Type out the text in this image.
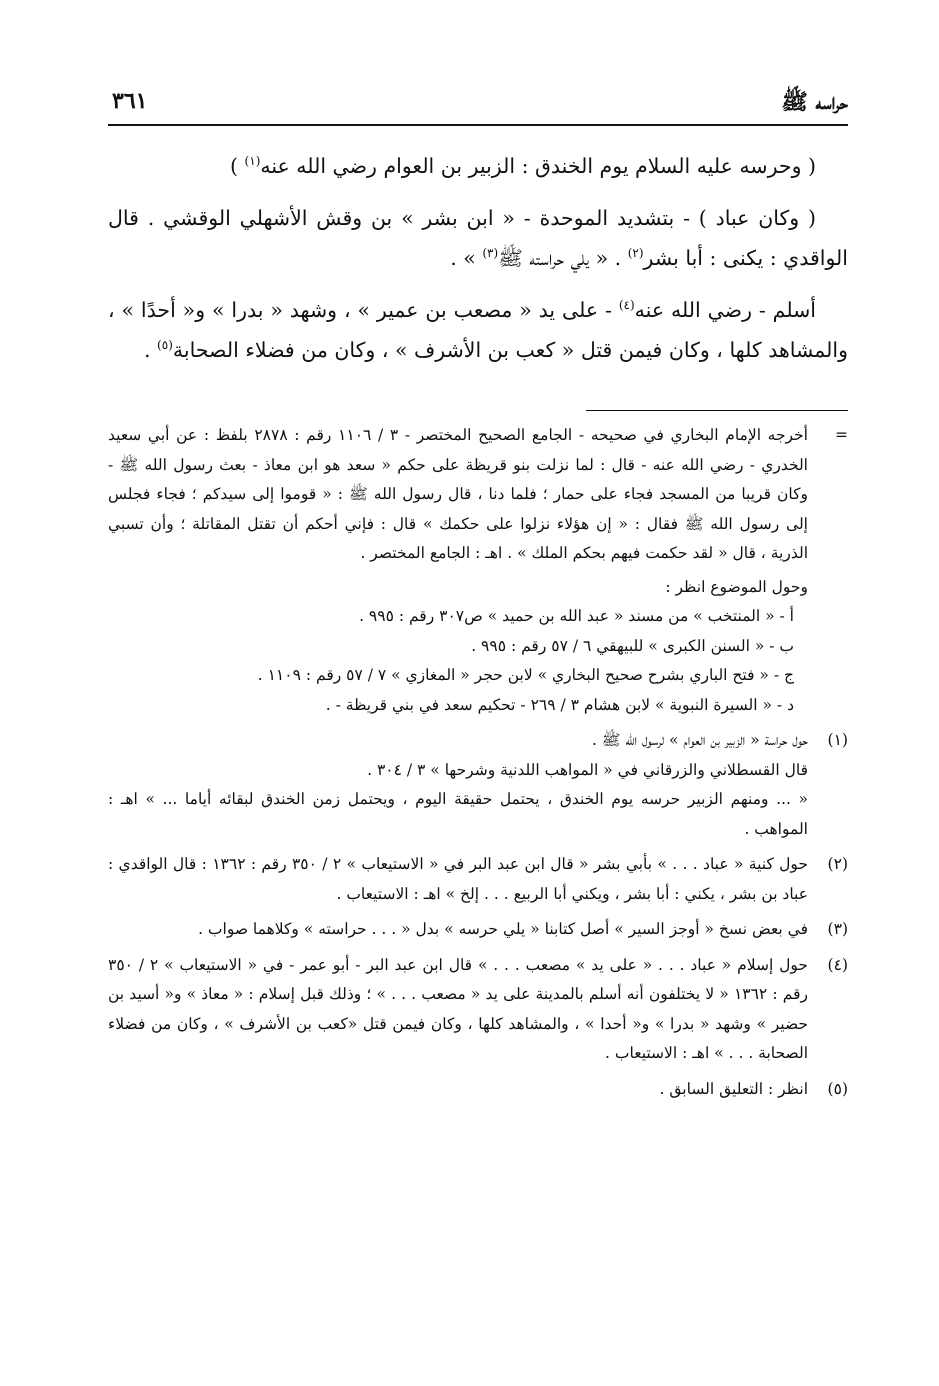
حراسه ﷺ
٣٦١

( وحرسه عليه السلام يوم الخندق : الزبير بن العوام رضي الله عنه$^{(١)}$ )

( وكان عباد ) - بتشديد الموحدة - « ابن بشر » بن وقش الأشهلي الوقشي . قال الواقدي : يكنى : أبا بشر$^{(٢)}$ . « يلي حراسته ﷺ$^{(٣)}$ » .

أسلم - رضي الله عنه$^{(٤)}$ - على يد « مصعب بن عمير » ، وشهد « بدرا » و« أحدًا » ، والمشاهد كلها ، وكان فيمن قتل « كعب بن الأشرف » ، وكان من فضلاء الصحابة$^{(٥)}$ .

=

أخرجه الإمام البخاري في صحيحه - الجامع الصحيح المختصر - ٣ / ١١٠٦ رقم : ٢٨٧٨ بلفظ : عن أبي سعيد الخدري - رضي الله عنه - قال : لما نزلت بنو قريظة على حكم « سعد هو ابن معاذ - بعث رسول الله ﷺ - وكان قريبا من المسجد فجاء على حمار ؛ فلما دنا ، قال رسول الله ﷺ : « قوموا إلى سيدكم ؛ فجاء فجلس إلى رسول الله ﷺ فقال : « إن هؤلاء نزلوا على حكمك » قال : فإني أحكم أن تقتل المقاتلة ؛ وأن تسبي الذرية ، قال « لقد حكمت فيهم بحكم الملك » . اهـ : الجامع المختصر .

وحول الموضوع انظر :

أ - « المنتخب » من مسند « عبد الله بن حميد » ص٣٠٧ رقم : ٩٩٥ .

ب - « السنن الكبرى » للبيهقي ٦ / ٥٧ رقم : ٩٩٥ .

ج - « فتح الباري بشرح صحيح البخاري » لابن حجر « المغازي » ٧ / ٥٧ رقم : ١١٠٩ .

د - « السيرة النبوية » لابن هشام ٣ / ٢٦٩ - تحكيم سعد في بني قريظة - .

(١)

حول حراسة « الزبير بن العوام » لرسول الله ﷺ .

قال القسطلاني والزرقاني في « المواهب اللدنية وشرحها » ٣ / ٣٠٤ .

« ... ومنهم الزبير حرسه يوم الخندق ، يحتمل حقيقة اليوم ، ويحتمل زمن الخندق لبقائه أياما ... » اهـ : المواهب .

(٢)

حول كنية « عباد . . . » بأبي بشر « قال ابن عبد البر في « الاستيعاب » ٢ / ٣٥٠ رقم : ١٣٦٢ : قال الواقدي : عباد بن بشر ، يكني : أبا بشر ، ويكني أبا الربيع . . . إلخ » اهـ : الاستيعاب .

(٣)

في بعض نسخ « أوجز السير » أصل كتابنا « يلي حرسه » بدل « . . . حراسته » وكلاهما صواب .

(٤)

حول إسلام « عباد . . . « على يد » مصعب . . . » قال ابن عبد البر - أبو عمر - في « الاستيعاب » ٢ / ٣٥٠ رقم : ١٣٦٢ « لا يختلفون أنه أسلم بالمدينة على يد « مصعب . . . » ؛ وذلك قبل إسلام : « معاذ » و« أسيد بن حضير » وشهد « بدرا » و« أحدا » ، والمشاهد كلها ، وكان فيمن قتل «كعب بن الأشرف » ، وكان من فضلاء الصحابة . . . » اهـ : الاستيعاب .

(٥)

انظر : التعليق السابق .
